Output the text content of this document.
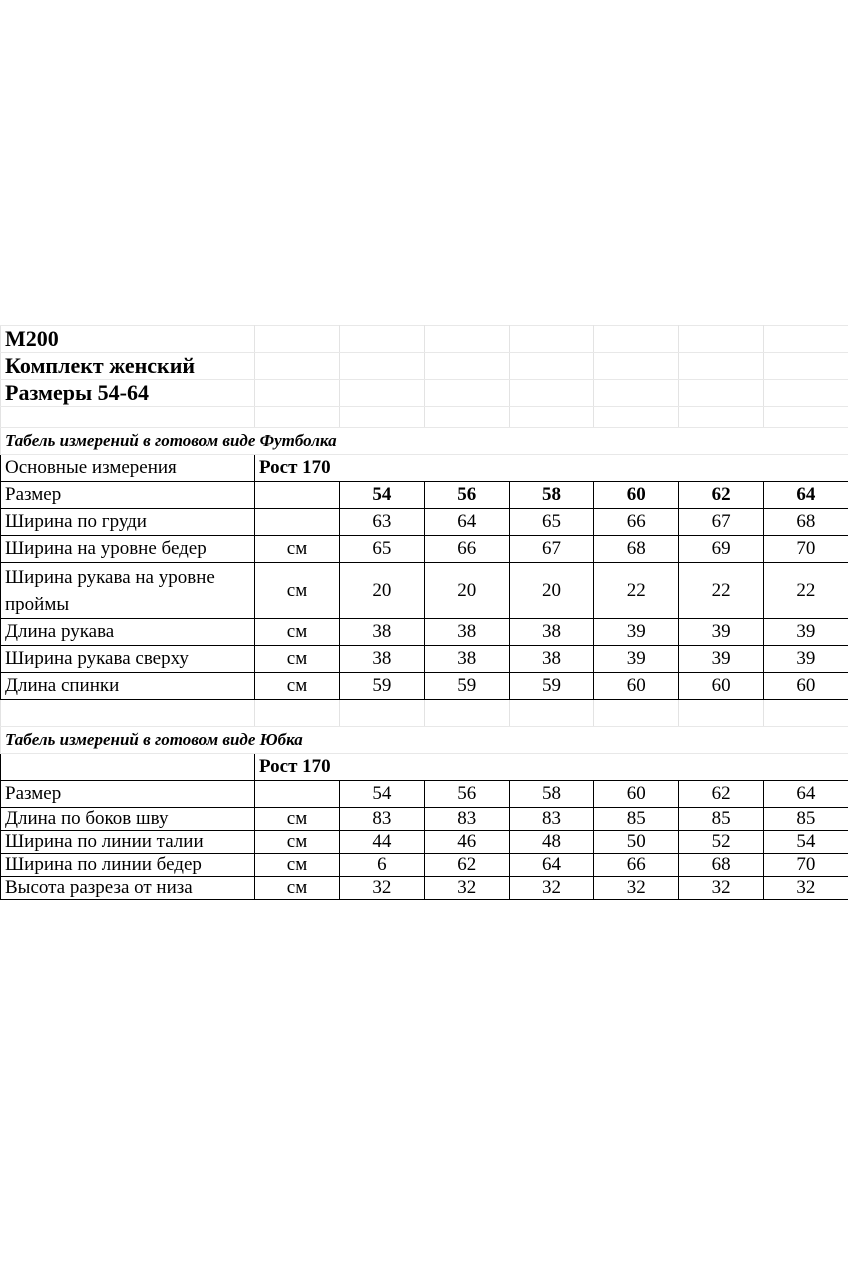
М200							
Комплект женский							
Размеры 54-64							

Табель измерений в готовом виде Футболка							
Основные измерения	Рост 170						
Размер		54	56	58	60	62	64
Ширина по груди		63	64	65	66	67	68
Ширина на уровне бедер	см	65	66	67	68	69	70
Ширина рукава на уровне проймы	см	20	20	20	22	22	22
Длина рукава	см	38	38	38	39	39	39
Ширина рукава сверху	см	38	38	38	39	39	39
Длина спинки	см	59	59	59	60	60	60

Табель измерений в готовом виде Юбка							
	Рост 170						
Размер		54	56	58	60	62	64
Длина по боков шву	см	83	83	83	85	85	85
Ширина по линии талии	см	44	46	48	50	52	54
Ширина по линии бедер	см	6	62	64	66	68	70
Высота разреза от низа	см	32	32	32	32	32	32
